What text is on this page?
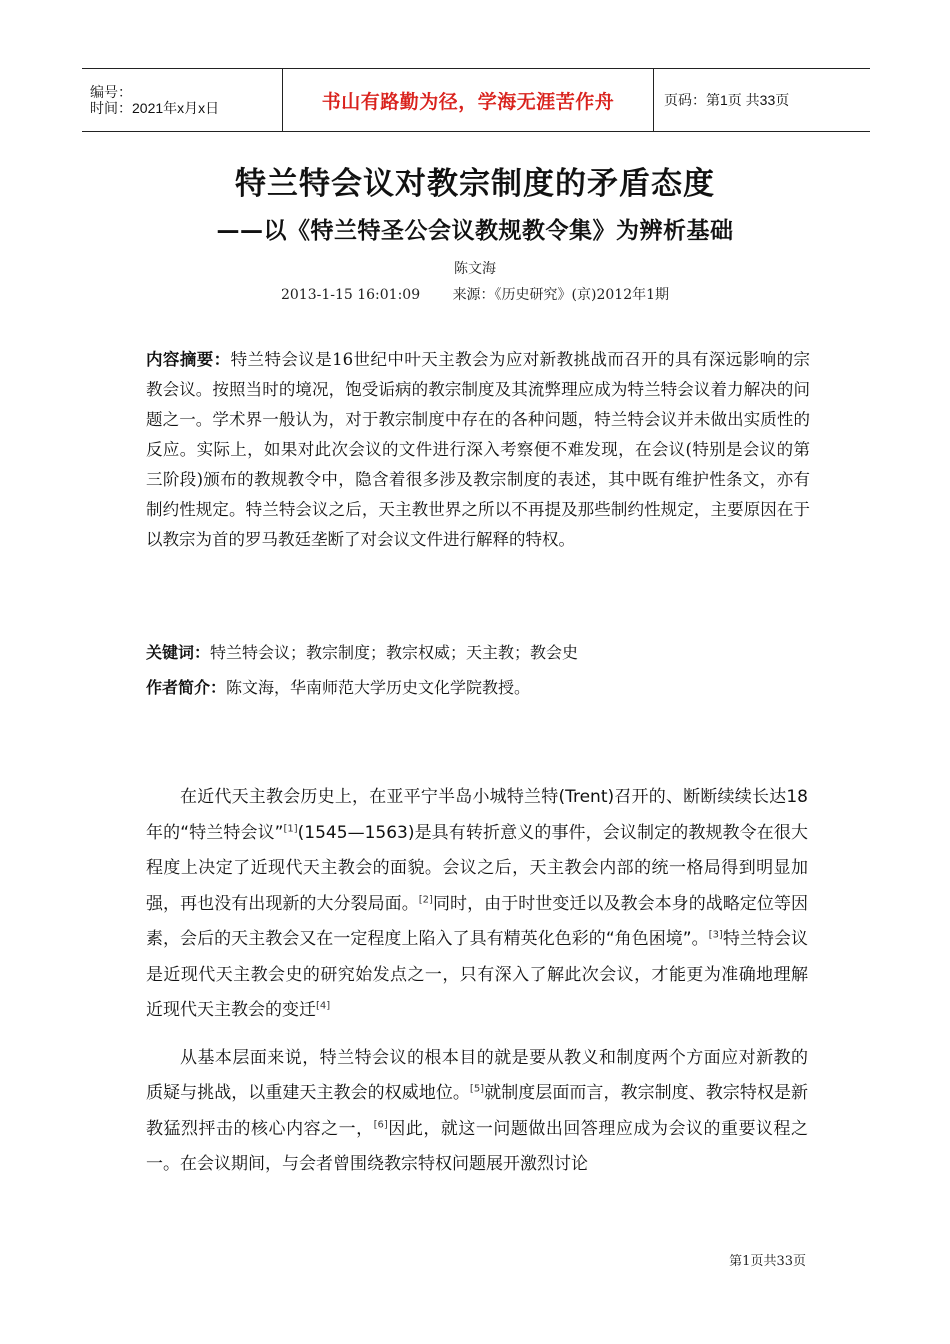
编号：
时间：2021年x月x日	书山有路勤为径，学海无涯苦作舟	页码：第1页 共33页
特兰特会议对教宗制度的矛盾态度
——以《特兰特圣公会议教规教令集》为辨析基础
陈文海
2013-1-15 16:01:09 来源：《历史研究》(京)2012年1期

内容摘要：特兰特会议是16世纪中叶天主教会为应对新教挑战而召开的具有深远影响的宗教会议。按照当时的境况，饱受诟病的教宗制度及其流弊理应成为特兰特会议着力解决的问题之一。学术界一般认为，对于教宗制度中存在的各种问题，特兰特会议并未做出实质性的反应。实际上，如果对此次会议的文件进行深入考察便不难发现，在会议(特别是会议的第三阶段)颁布的教规教令中，隐含着很多涉及教宗制度的表述，其中既有维护性条文，亦有制约性规定。特兰特会议之后，天主教世界之所以不再提及那些制约性规定，主要原因在于以教宗为首的罗马教廷垄断了对会议文件进行解释的特权。

关键词：特兰特会议；教宗制度；教宗权威；天主教；教会史
作者简介：陈文海，华南师范大学历史文化学院教授。

在近代天主教会历史上，在亚平宁半岛小城特兰特(Trent)召开的、断断续续长达18年的“特兰特会议”[1](1545—1563)是具有转折意义的事件，会议制定的教规教令在很大程度上决定了近现代天主教会的面貌。会议之后，天主教会内部的统一格局得到明显加强，再也没有出现新的大分裂局面。[2]同时，由于时世变迁以及教会本身的战略定位等因素，会后的天主教会又在一定程度上陷入了具有精英化色彩的“角色困境”。[3]特兰特会议是近现代天主教会史的研究始发点之一，只有深入了解此次会议，才能更为准确地理解近现代天主教会的变迁[4]

从基本层面来说，特兰特会议的根本目的就是要从教义和制度两个方面应对新教的质疑与挑战，以重建天主教会的权威地位。[5]就制度层面而言，教宗制度、教宗特权是新教猛烈抨击的核心内容之一，[6]因此，就这一问题做出回答理应成为会议的重要议程之一。在会议期间，与会者曾围绕教宗特权问题展开激烈讨论

第1页共33页
